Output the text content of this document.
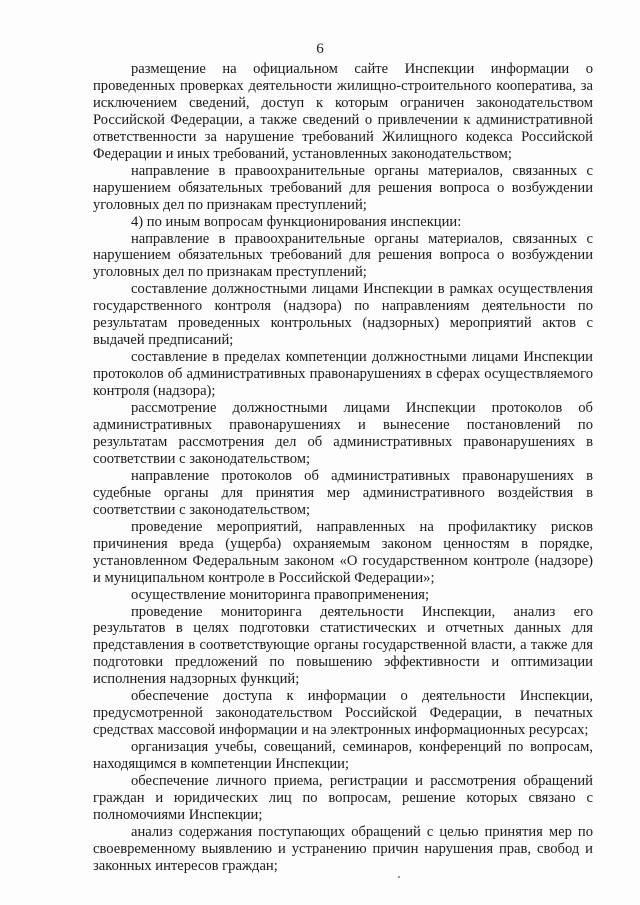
6

размещение на официальном сайте Инспекции информации о проведенных проверках деятельности жилищно-строительного кооператива, за исключением сведений, доступ к которым ограничен законодательством Российской Федерации, а также сведений о привлечении к административной ответственности за нарушение требований Жилищного кодекса Российской Федерации и иных требований, установленных законодательством;

направление в правоохранительные органы материалов, связанных с нарушением обязательных требований для решения вопроса о возбуждении уголовных дел по признакам преступлений;

4) по иным вопросам функционирования инспекции:

направление в правоохранительные органы материалов, связанных с нарушением обязательных требований для решения вопроса о возбуждении уголовных дел по признакам преступлений;

составление должностными лицами Инспекции в рамках осуществления государственного контроля (надзора) по направлениям деятельности по результатам проведенных контрольных (надзорных) мероприятий актов с выдачей предписаний;

составление в пределах компетенции должностными лицами Инспекции протоколов об административных правонарушениях в сферах осуществляемого контроля (надзора);

рассмотрение должностными лицами Инспекции протоколов об административных правонарушениях и вынесение постановлений по результатам рассмотрения дел об административных правонарушениях в соответствии с законодательством;

направление протоколов об административных правонарушениях в судебные органы для принятия мер административного воздействия в соответствии с законодательством;

проведение мероприятий, направленных на профилактику рисков причинения вреда (ущерба) охраняемым законом ценностям в порядке, установленном Федеральным законом «О государственном контроле (надзоре) и муниципальном контроле в Российской Федерации»;

осуществление мониторинга правоприменения;

проведение мониторинга деятельности Инспекции, анализ его результатов в целях подготовки статистических и отчетных данных для представления в соответствующие органы государственной власти, а также для подготовки предложений по повышению эффективности и оптимизации исполнения надзорных функций;

обеспечение доступа к информации о деятельности Инспекции, предусмотренной законодательством Российской Федерации, в печатных средствах массовой информации и на электронных информационных ресурсах;

организация учебы, совещаний, семинаров, конференций по вопросам, находящимся в компетенции Инспекции;

обеспечение личного приема, регистрации и рассмотрения обращений граждан и юридических лиц по вопросам, решение которых связано с полномочиями Инспекции;

анализ содержания поступающих обращений с целью принятия мер по своевременному выявлению и устранению причин нарушения прав, свобод и законных интересов граждан;
